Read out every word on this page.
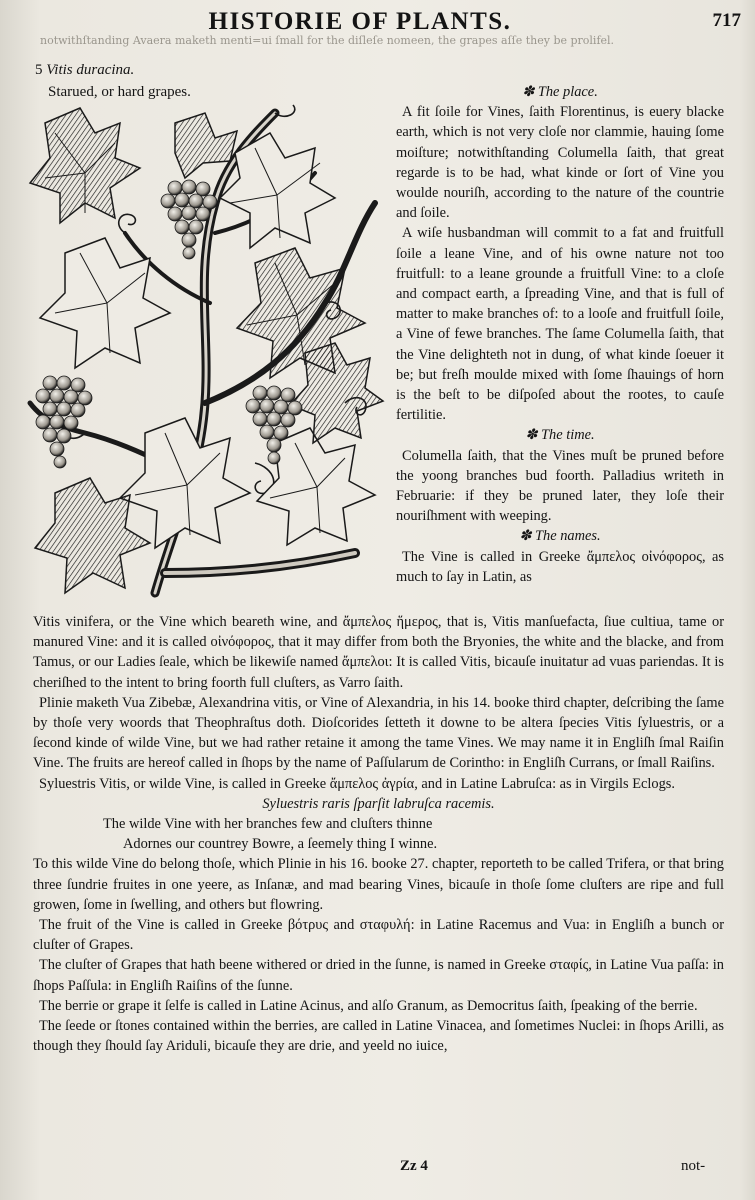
HISTORIE OF PLANTS.	717
notwithſtanding Avaera maketh menti=ui ſmall for the diſleſe nomeen, the grapes aſſe they be prolifel.
5 Vitis duracina.
Starued, or hard grapes.	✽ The place.

A fit ſoile for Vines, ſaith Florentinus, is euery blacke earth, which is not very cloſe nor clammie, hauing ſome moiſture; notwithſtanding Columella ſaith, that great regarde is to be had, what kinde or ſort of Vine you woulde nouriſh, according to the nature of the countrie and ſoile.

A wiſe husbandman will commit to a fat and fruitfull ſoile a leane Vine, and of his owne nature not too fruitfull: to a leane grounde a fruitfull Vine: to a cloſe and compact earth, a ſpreading Vine, and that is full of matter to make branches of: to a looſe and fruitfull ſoile, a Vine of fewe branches. The ſame Columella ſaith, that the Vine delighteth not in dung, of what kinde ſoeuer it be; but freſh moulde mixed with ſome ſhauings of horn is the beſt to be diſpoſed about the rootes, to cauſe fertilitie.

✽ The time.

Columella ſaith, that the Vines muſt be pruned before the yoong branches bud foorth. Palladius writeth in Februarie: if they be pruned later, they loſe their nouriſhment with weeping.

✽ The names.

The Vine is called in Greeke ἄμπελος οἰνόφορος, as much to ſay in Latin, as

Vitis vinifera, or the Vine which beareth wine, and ἄμπελος ἥμερος, that is, Vitis manſuefacta, ſiue cultiua, tame or manured Vine: and it is called οἰνόφορος, that it may differ from both the Bryonies, the white and the blacke, and from Tamus, or our Ladies ſeale, which be likewiſe named ἄμπελοι: It is called Vitis, bicauſe inuitatur ad vuas pariendas. It is cheriſhed to the intent to bring foorth full cluſters, as Varro ſaith.

Plinie maketh Vua Zibebæ, Alexandrina vitis, or Vine of Alexandria, in his 14. booke third chapter, deſcribing the ſame by thoſe very woords that Theophraſtus doth. Dioſcorides ſetteth it downe to be altera ſpecies Vitis ſyluestris, or a ſecond kinde of wilde Vine, but we had rather retaine it among the tame Vines. We may name it in Engliſh ſmal Raiſin Vine. The fruits are hereof called in ſhops by the name of Paſſularum de Corintho: in Engliſh Currans, or ſmall Raiſins.

Syluestris Vitis, or wilde Vine, is called in Greeke ἄμπελος ἀγρία, and in Latine Labruſca: as in Virgils Eclogs.

Syluestris raris ſparſit labruſca racemis.

The wilde Vine with her branches few and cluſters thinne

Adornes our countrey Bowre, a ſeemely thing I winne.

To this wilde Vine do belong thoſe, which Plinie in his 16. booke 27. chapter, reporteth to be called Trifera, or that bring three ſundrie fruites in one yeere, as Inſanæ, and mad bearing Vines, bicauſe in thoſe ſome cluſters are ripe and full growen, ſome in ſwelling, and others but flowring.

The fruit of the Vine is called in Greeke βότρυς and σταφυλή: in Latine Racemus and Vua: in Engliſh a bunch or cluſter of Grapes.

The cluſter of Grapes that hath beene withered or dried in the ſunne, is named in Greeke σταφίς, in Latine Vua paſſa: in ſhops Paſſula: in Engliſh Raiſins of the ſunne.

The berrie or grape it ſelfe is called in Latine Acinus, and alſo Granum, as Democritus ſaith, ſpeaking of the berrie.

The ſeede or ſtones contained within the berries, are called in Latine Vinacea, and ſometimes Nuclei: in ſhops Arilli, as though they ſhould ſay Ariduli, bicauſe they are drie, and yeeld no iuice,

Zz 4	not-
